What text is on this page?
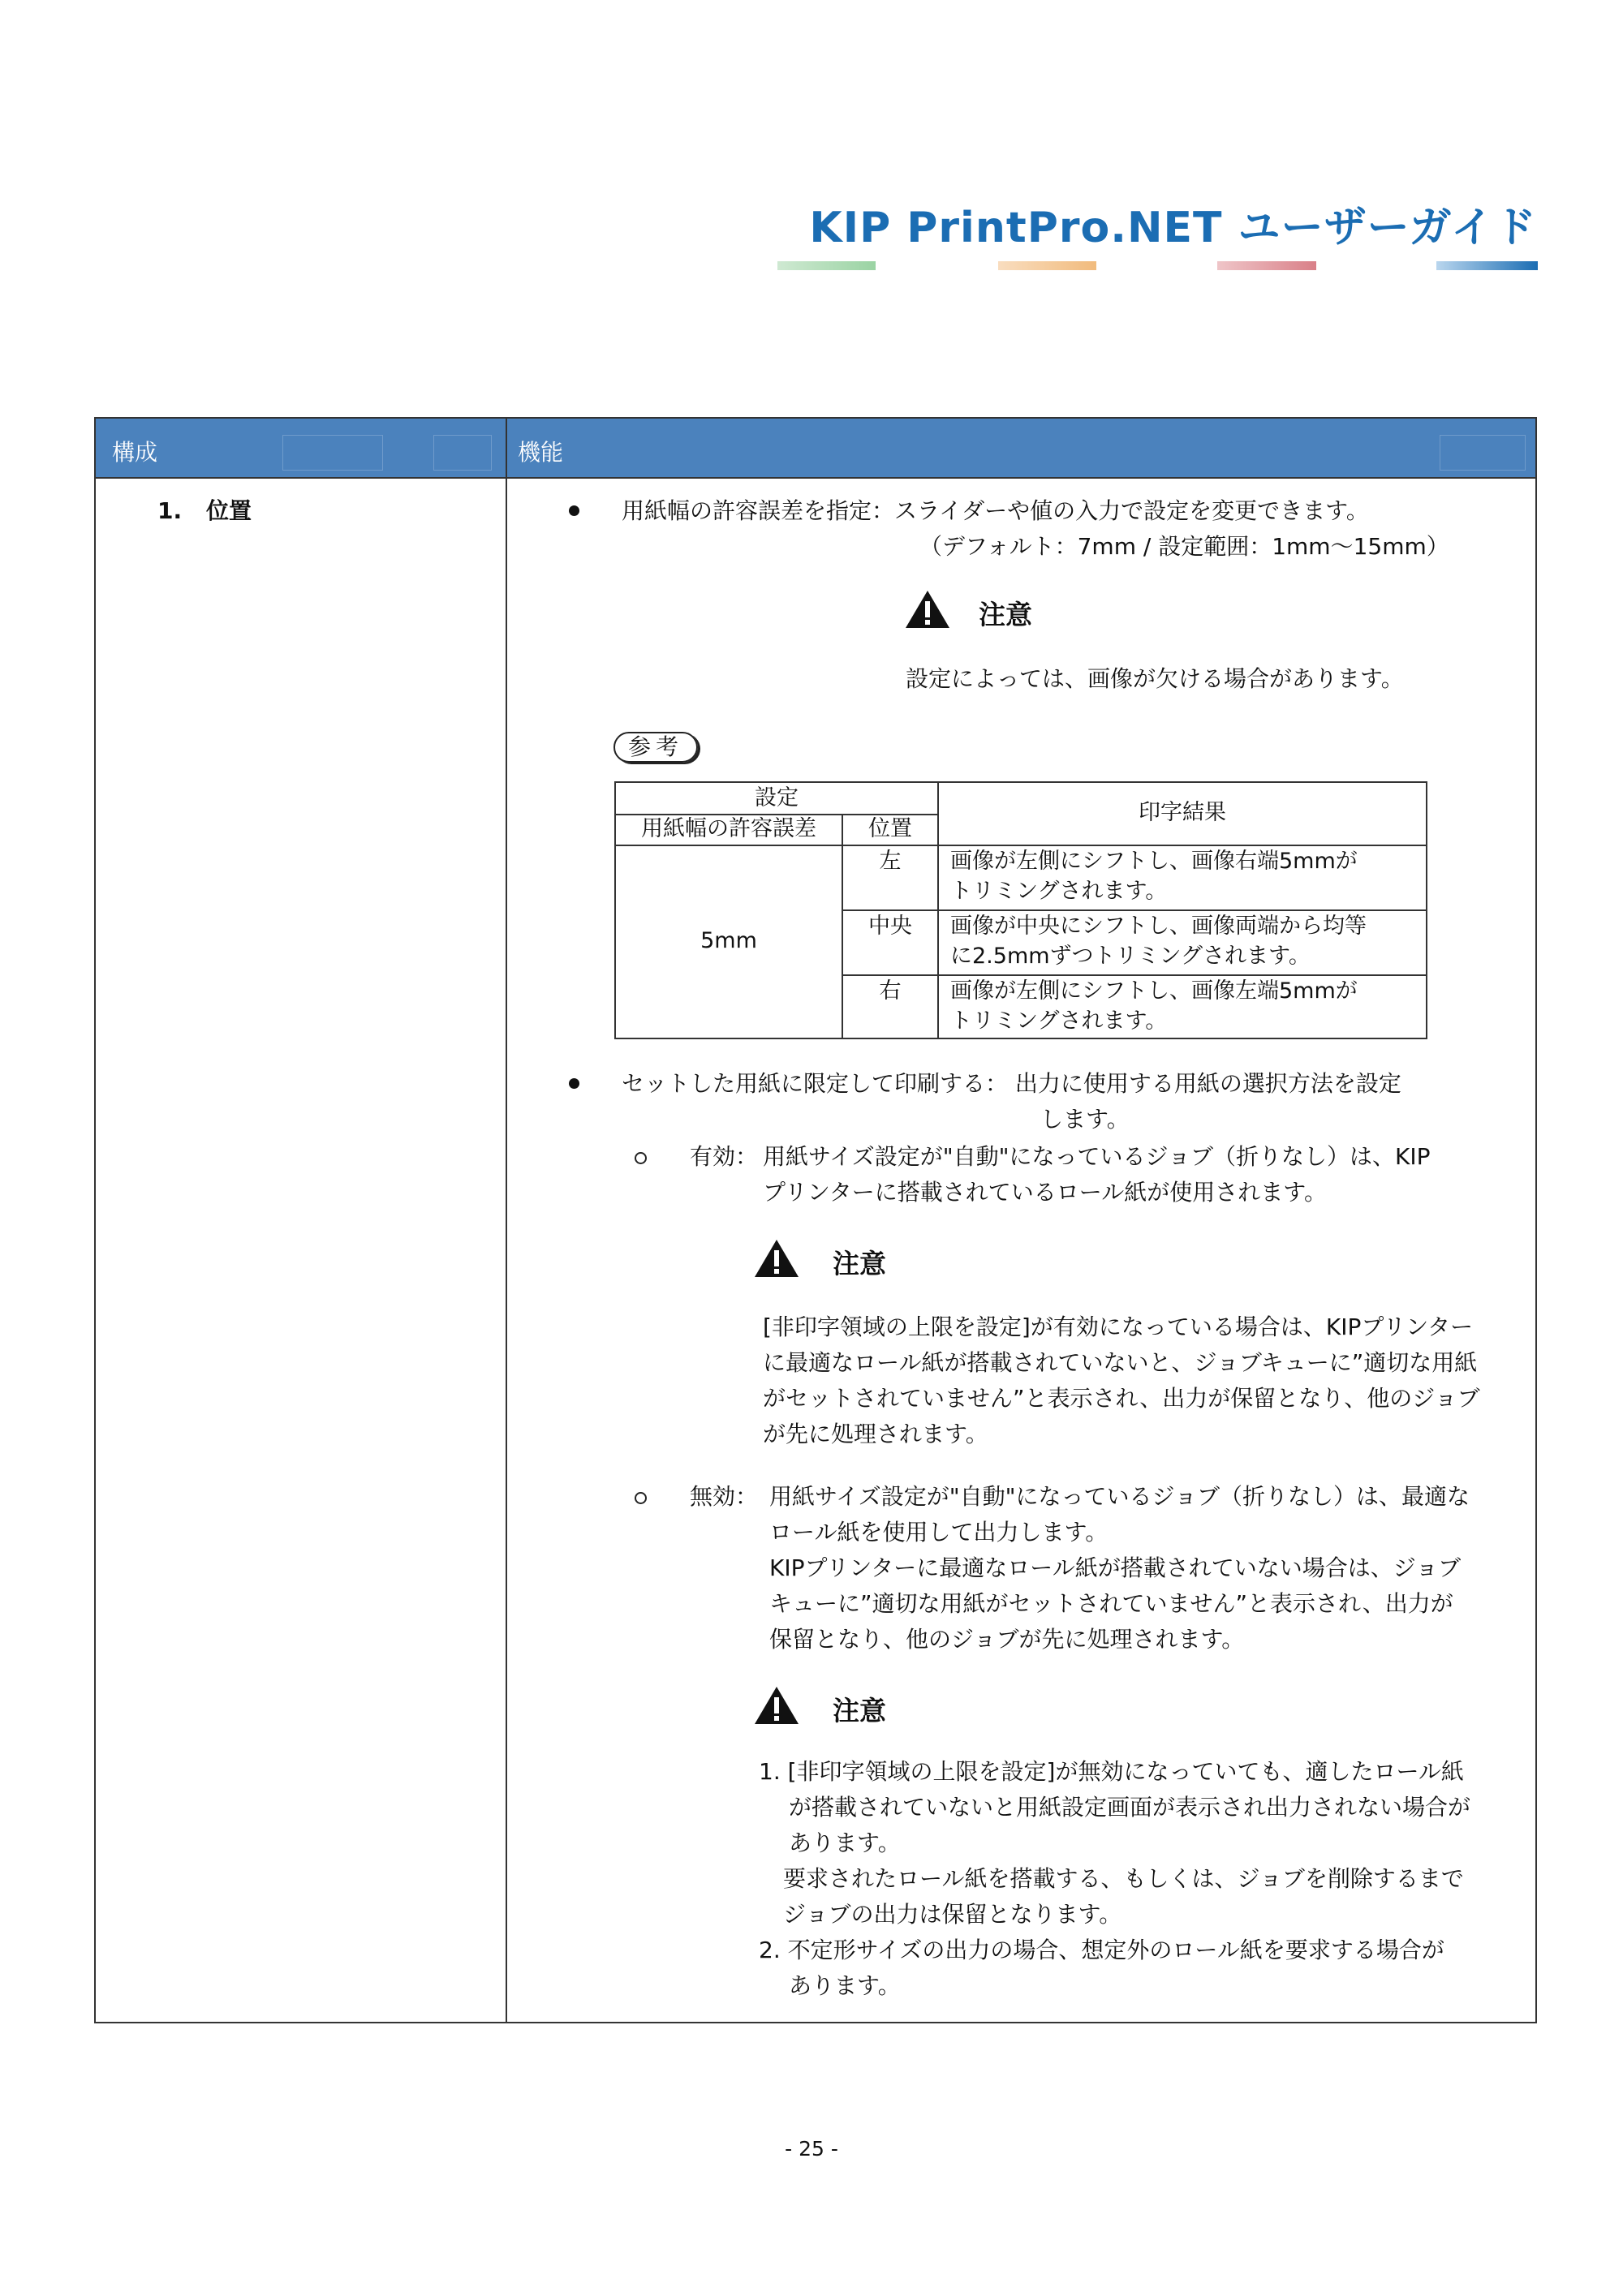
KIP PrintPro.NET ユーザーガイド
構成	機能
1. 位置	用紙幅の許容誤差を指定：スライダーや値の入力で設定を変更できます。
（デフォルト：7mm / 設定範囲：1mm～15mm）
注意
設定によっては、画像が欠ける場合があります。
参考
設定
印字結果
用紙幅の許容誤差	位置
5mm
左	画像が左側にシフトし、画像右端5mmが
トリミングされます。
中央	画像が中央にシフトし、画像両端から均等
に2.5mmずつトリミングされます。
右	画像が左側にシフトし、画像左端5mmが
トリミングされます。
セットした用紙に限定して印刷する： 出力に使用する用紙の選択方法を設定
します。
有効： 用紙サイズ設定が"自動"になっているジョブ（折りなし）は、KIP
プリンターに搭載されているロール紙が使用されます。
注意
[非印字領域の上限を設定]が有効になっている場合は、KIPプリンター
に最適なロール紙が搭載されていないと、ジョブキューに”適切な用紙
がセットされていません”と表示され、出力が保留となり、他のジョブ
が先に処理されます。
無効： 用紙サイズ設定が"自動"になっているジョブ（折りなし）は、最適な
ロール紙を使用して出力します。
KIPプリンターに最適なロール紙が搭載されていない場合は、ジョブ
キューに”適切な用紙がセットされていません”と表示され、出力が
保留となり、他のジョブが先に処理されます。
注意
1. [非印字領域の上限を設定]が無効になっていても、適したロール紙
が搭載されていないと用紙設定画面が表示され出力されない場合が
あります。
要求されたロール紙を搭載する、もしくは、ジョブを削除するまで
ジョブの出力は保留となります。
2. 不定形サイズの出力の場合、想定外のロール紙を要求する場合が
あります。
- 25 -
